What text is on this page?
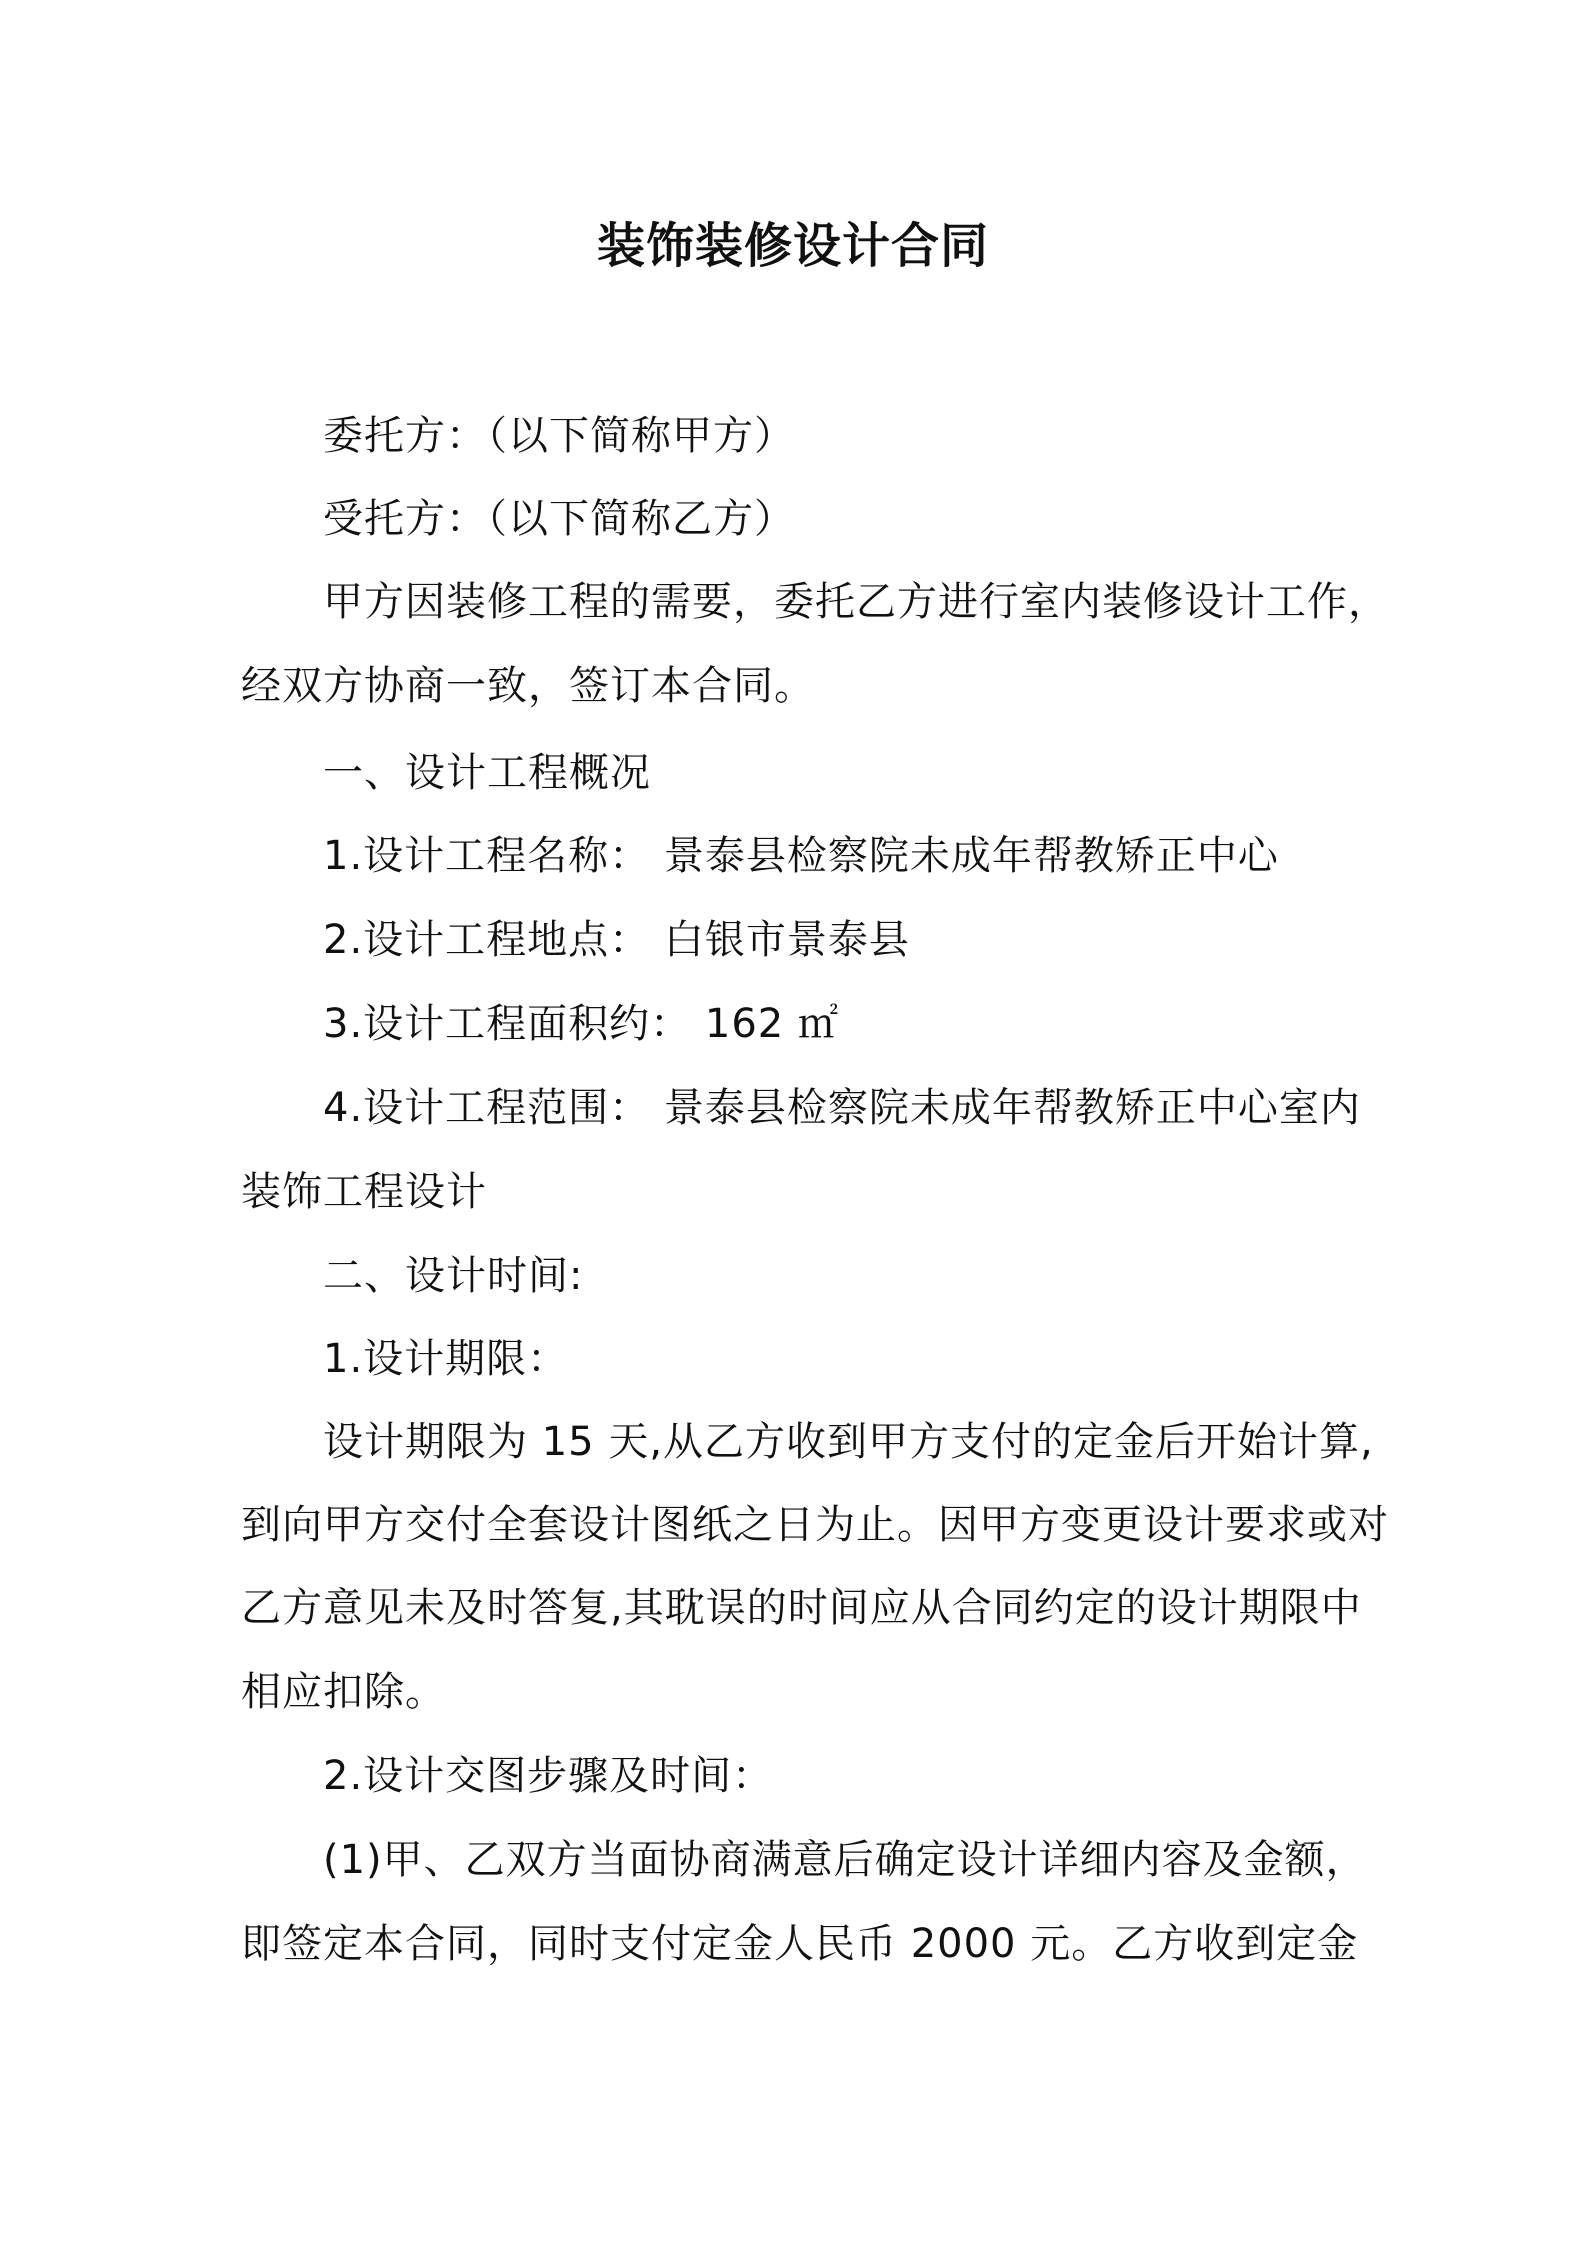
装饰装修设计合同
委托方：（以下简称甲方）
受托方：（以下简称乙方）
甲方因装修工程的需要，委托乙方进行室内装修设计工作，
经双方协商一致，签订本合同。
一、设计工程概况
1.设计工程名称： 景泰县检察院未成年帮教矫正中心
2.设计工程地点： 白银市景泰县
3.设计工程面积约： 162 ㎡
4.设计工程范围： 景泰县检察院未成年帮教矫正中心室内
装饰工程设计
二、设计时间:
1.设计期限：
设计期限为 15 天,从乙方收到甲方支付的定金后开始计算,
到向甲方交付全套设计图纸之日为止。因甲方变更设计要求或对
乙方意见未及时答复,其耽误的时间应从合同约定的设计期限中
相应扣除。
2.设计交图步骤及时间：
(1)甲、乙双方当面协商满意后确定设计详细内容及金额，
即签定本合同，同时支付定金人民币 2000 元。乙方收到定金
